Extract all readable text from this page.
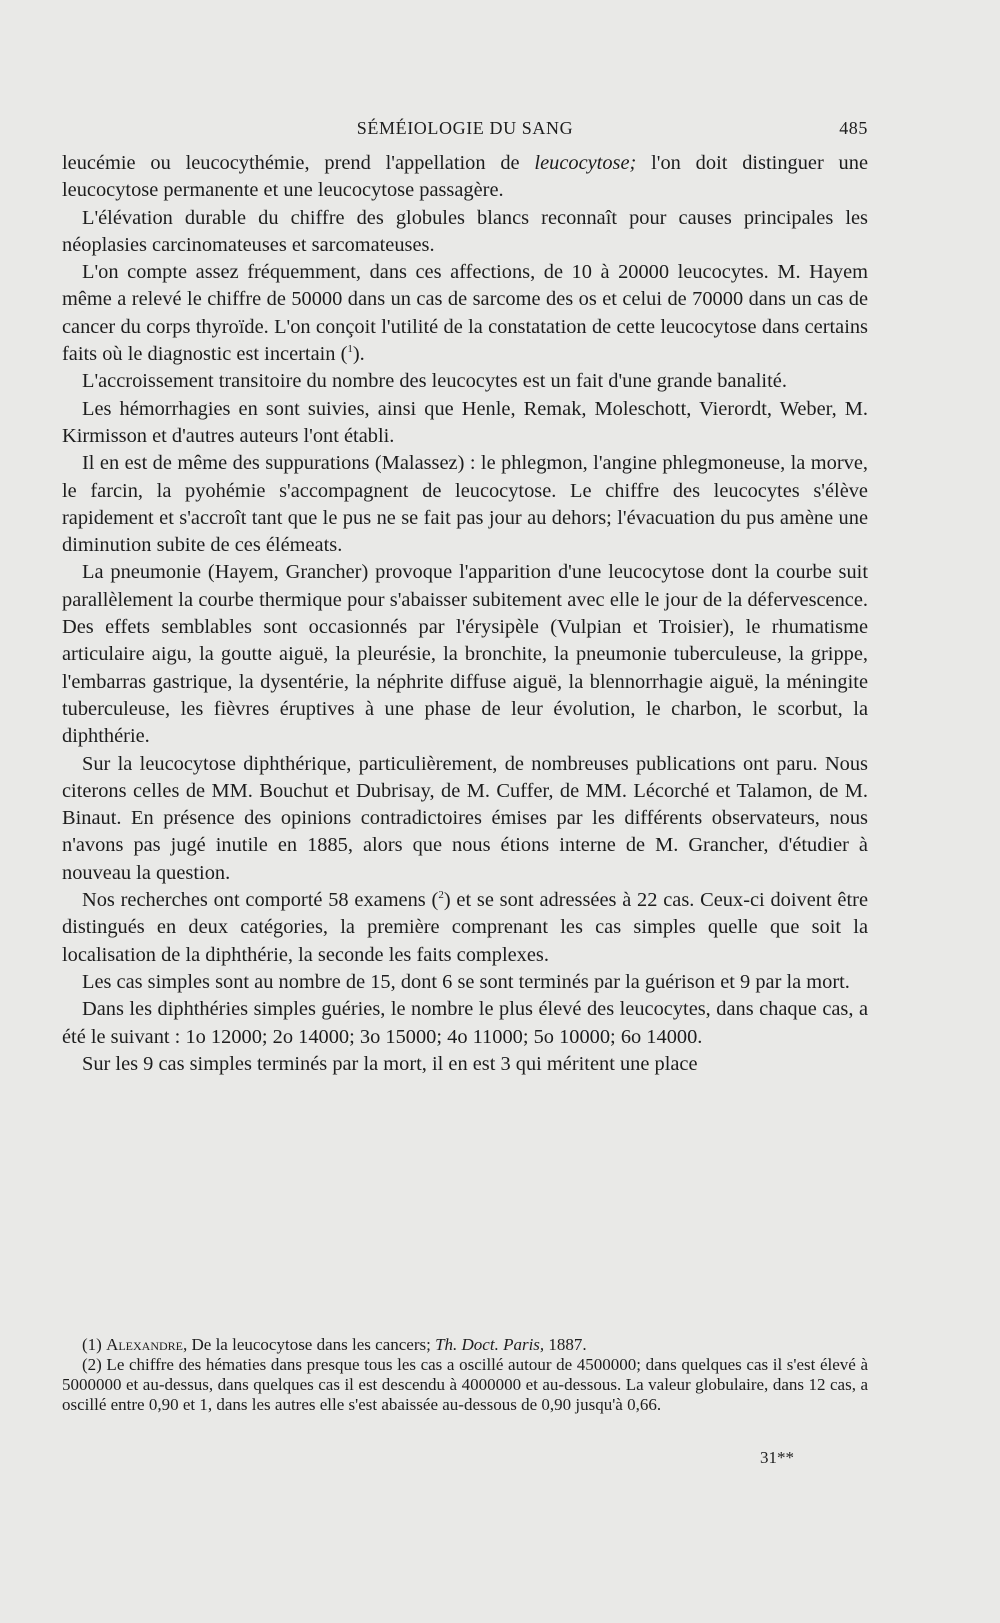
SÉMÉIOLOGIE DU SANG	485

leucémie ou leucocythémie, prend l'appellation de leucocytose; l'on doit distinguer une leucocytose permanente et une leucocytose passagère.

L'élévation durable du chiffre des globules blancs reconnaît pour causes principales les néoplasies carcinomateuses et sarcomateuses.

L'on compte assez fréquemment, dans ces affections, de 10 à 20000 leucocytes. M. Hayem même a relevé le chiffre de 50000 dans un cas de sarcome des os et celui de 70000 dans un cas de cancer du corps thyroïde. L'on conçoit l'utilité de la constatation de cette leucocytose dans certains faits où le diagnostic est incertain ($^1$).

L'accroissement transitoire du nombre des leucocytes est un fait d'une grande banalité.

Les hémorrhagies en sont suivies, ainsi que Henle, Remak, Moleschott, Vierordt, Weber, M. Kirmisson et d'autres auteurs l'ont établi.

Il en est de même des suppurations (Malassez) : le phlegmon, l'angine phlegmoneuse, la morve, le farcin, la pyohémie s'accompagnent de leucocytose. Le chiffre des leucocytes s'élève rapidement et s'accroît tant que le pus ne se fait pas jour au dehors; l'évacuation du pus amène une diminution subite de ces élémeats.

La pneumonie (Hayem, Grancher) provoque l'apparition d'une leucocytose dont la courbe suit parallèlement la courbe thermique pour s'abaisser subitement avec elle le jour de la défervescence. Des effets semblables sont occasionnés par l'érysipèle (Vulpian et Troisier), le rhumatisme articulaire aigu, la goutte aiguë, la pleurésie, la bronchite, la pneumonie tuberculeuse, la grippe, l'embarras gastrique, la dysentérie, la néphrite diffuse aiguë, la blennorrhagie aiguë, la méningite tuberculeuse, les fièvres éruptives à une phase de leur évolution, le charbon, le scorbut, la diphthérie.

Sur la leucocytose diphthérique, particulièrement, de nombreuses publications ont paru. Nous citerons celles de MM. Bouchut et Dubrisay, de M. Cuffer, de MM. Lécorché et Talamon, de M. Binaut. En présence des opinions contradictoires émises par les différents observateurs, nous n'avons pas jugé inutile en 1885, alors que nous étions interne de M. Grancher, d'étudier à nouveau la question.

Nos recherches ont comporté 58 examens ($^2$) et se sont adressées à 22 cas. Ceux-ci doivent être distingués en deux catégories, la première comprenant les cas simples quelle que soit la localisation de la diphthérie, la seconde les faits complexes.

Les cas simples sont au nombre de 15, dont 6 se sont terminés par la guérison et 9 par la mort.

Dans les diphthéries simples guéries, le nombre le plus élevé des leucocytes, dans chaque cas, a été le suivant : 1o 12000; 2o 14000; 3o 15000; 4o 11000; 5o 10000; 6o 14000.

Sur les 9 cas simples terminés par la mort, il en est 3 qui méritent une place

(1) Alexandre, De la leucocytose dans les cancers; Th. Doct. Paris, 1887.

(2) Le chiffre des hématies dans presque tous les cas a oscillé autour de 4500000; dans quelques cas il s'est élevé à 5000000 et au-dessus, dans quelques cas il est descendu à 4000000 et au-dessous. La valeur globulaire, dans 12 cas, a oscillé entre 0,90 et 1, dans les autres elle s'est abaissée au-dessous de 0,90 jusqu'à 0,66.

31**
